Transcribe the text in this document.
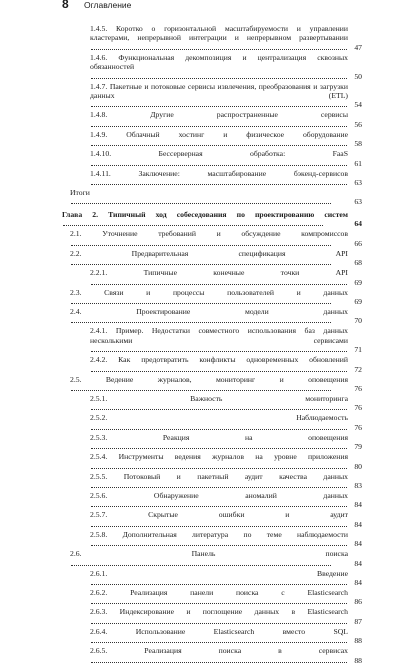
8 Оглавление
1.4.5. Коротко о горизонтальной масштабируемости и управлении кластерами, непрерывной интеграции и непрерывном развертывании
47
1.4.6. Функциональная декомпозиция и централизация сквозных обязанностей
50
1.4.7. Пакетные и потоковые сервисы извлечения, преобразования и загрузки данных (ETL)
54
1.4.8. Другие распространенные сервисы
56
1.4.9. Облачный хостинг и физическое оборудование
58
1.4.10. Бессерверная обработка: FaaS
61
1.4.11. Заключение: масштабирование бэкенд-сервисов
63
Итоги
63
Глава 2. Типичный ход собеседования по проектированию систем
64
2.1. Уточнение требований и обсуждение компромиссов
66
2.2. Предварительная спецификация API
68
2.2.1. Типичные конечные точки API
69
2.3. Связи и процессы пользователей и данных
69
2.4. Проектирование модели данных
70
2.4.1. Пример. Недостатки совместного использования баз данных несколькими сервисами
71
2.4.2. Как предотвратить конфликты одновременных обновлений
72
2.5. Ведение журналов, мониторинг и оповещения
76
2.5.1. Важность мониторинга
76
2.5.2. Наблюдаемость
76
2.5.3. Реакция на оповещения
79
2.5.4. Инструменты ведения журналов на уровне приложения
80
2.5.5. Потоковый и пакетный аудит качества данных
83
2.5.6. Обнаружение аномалий данных
84
2.5.7. Скрытые ошибки и аудит
84
2.5.8. Дополнительная литература по теме наблюдаемости
84
2.6. Панель поиска
84
2.6.1. Введение
84
2.6.2. Реализация панели поиска с Elasticsearch
86
2.6.3. Индексирование и поглощение данных в Elasticsearch
87
2.6.4. Использование Elasticsearch вместо SQL
88
2.6.5. Реализация поиска в сервисах
88
